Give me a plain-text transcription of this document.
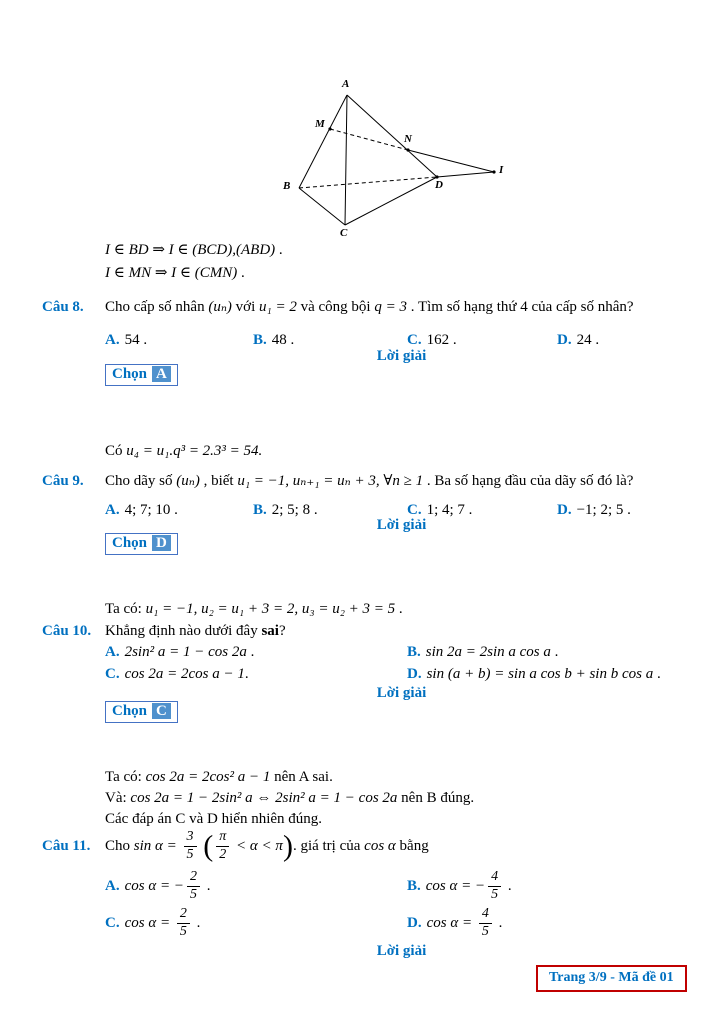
A
M
N
I
D
B
C
I ∈ BD ⇒ I ∈ (BCD),(ABD) .
I ∈ MN ⇒ I ∈ (CMN) .
Câu 8. Cho cấp số nhân (uₙ) với u₁ = 2 và công bội q = 3 . Tìm số hạng thứ 4 của cấp số nhân?
A. 54 .	B. 48 .	C. 162 .	D. 24 .
Lời giải
Chọn A
Có u₄ = u₁.q³ = 2.3³ = 54.
Câu 9. Cho dãy số (uₙ) , biết u₁ = −1, uₙ₊₁ = uₙ + 3, ∀n ≥ 1 . Ba số hạng đầu của dãy số đó là?
A. 4; 7; 10 .	B. 2; 5; 8 .	C. 1; 4; 7 .	D. −1; 2; 5 .
Lời giải
Chọn D
Ta có: u₁ = −1, u₂ = u₁ + 3 = 2, u₃ = u₂ + 3 = 5 .
Câu 10. Khẳng định nào dưới đây sai?
A. 2sin² a = 1 − cos 2a .	B. sin 2a = 2sin a cos a .
C. cos 2a = 2cos a − 1.	D. sin (a + b) = sin a cos b + sin b cos a .
Lời giải
Chọn C
Ta có: cos 2a = 2cos² a − 1 nên A sai.
Và: cos 2a = 1 − 2sin² a ⇔ 2sin² a = 1 − cos 2a nên B đúng.
Các đáp án C và D hiển nhiên đúng.
Câu 11. Cho $\sin \alpha = \frac{3}{5}$ ( $\frac{\pi}{2} < \alpha < \pi$). giá trị của cos α bằng
A. cos α = − $\frac{2}{5}$ .	B. cos α = − $\frac{4}{5}$ .
C. $\cos \alpha = \frac{2}{5}$ .	D. $\cos \alpha = \frac{4}{5}$ .
Lời giải
Trang 3/9 - Mã đề 01
